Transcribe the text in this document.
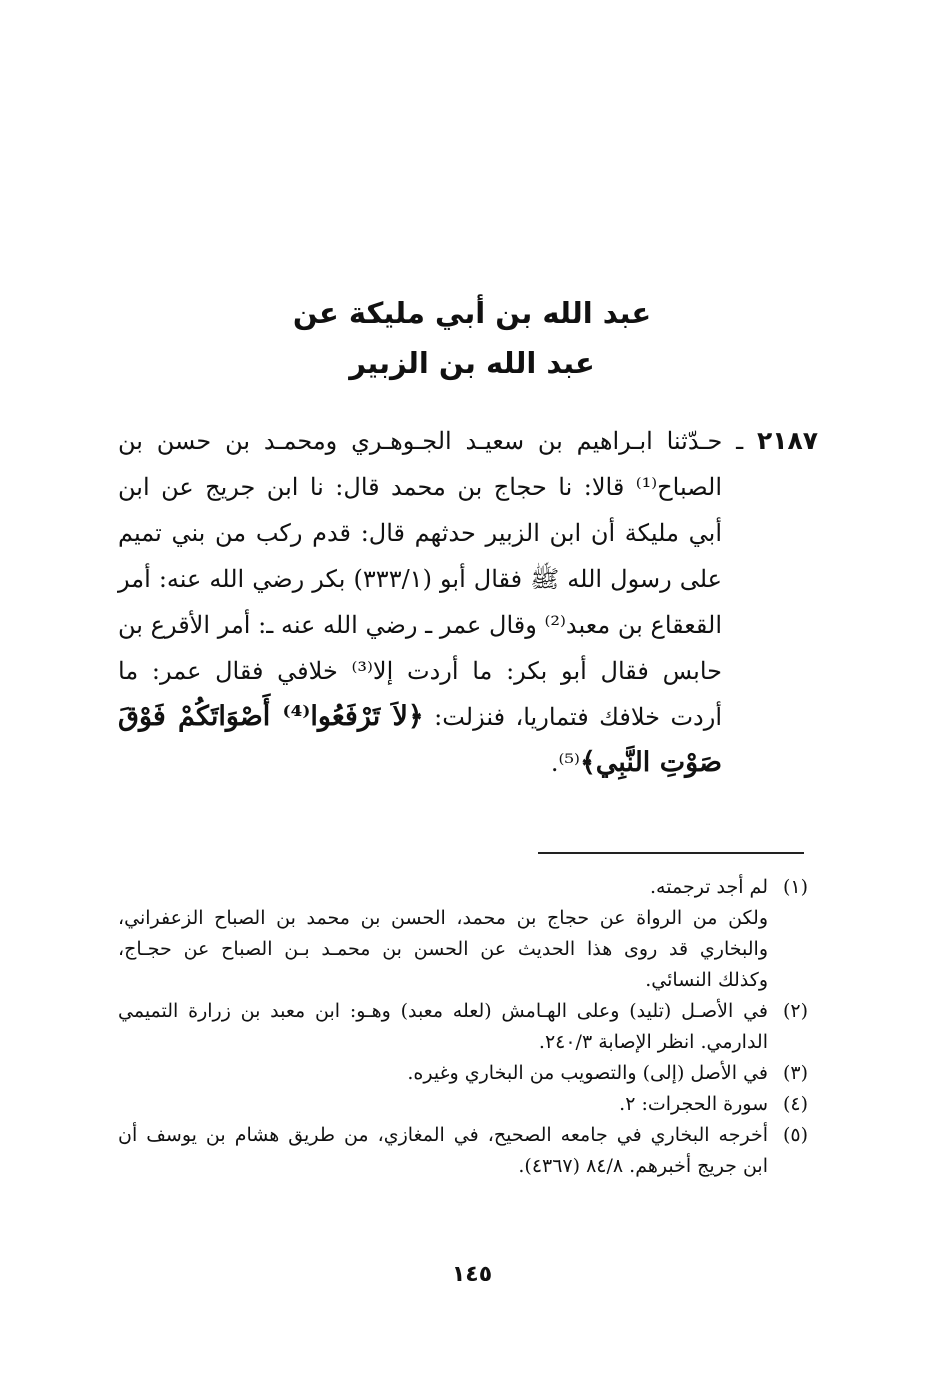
عبد الله بن أبي مليكة عن
عبد الله بن الزبير
٢١٨٧ ـ حـدّثنا ابـراهيم بن سعيـد الجـوهـري ومحمـد بن حسن بن
الصباح⁽¹⁾ قالا: نا حجاج بن محمد قال: نا ابن جريج عن ابن
أبي مليكة أن ابن الزبير حدثهم قال: قدم ركب من بني تميم
على رسول الله ﷺ فقال أبو (٣٣٣/١) بكر رضي الله عنه: أمر
القعقاع بن معبد⁽²⁾ وقال عمر ـ رضي الله عنه ـ: أمر الأقرع بن
حابس فقال أبو بكر: ما أردت إلا⁽³⁾ خلافي فقال عمر: ما
أردت خلافك فتماريا، فنزلت: ﴿لاَ تَرْفَعُوا⁽⁴⁾ أَصْوَاتَكُمْ فَوْقَ
صَوْتِ النَّبِي﴾⁽⁵⁾.
(١)
لم أجد ترجمته.
ولكن من الرواة عن حجاج بن محمد، الحسن بن محمد بن الصباح الزعفراني،
والبخاري قد روى هذا الحديث عن الحسن بن محمـد بـن الصباح عن حجـاج،
وكذلك النسائي.
(٢)
في الأصـل (تليد) وعلى الهـامش (لعله معبد) وهـو: ابن معبد بن زرارة التميمي
الدارمي. انظر الإصابة ٢٤٠/٣.
(٣)
في الأصل (إلى) والتصويب من البخاري وغيره.
(٤)
سورة الحجرات: ٢.
(٥)
أخرجه البخاري في جامعه الصحيح، في المغازي، من طريق هشام بن يوسف أن
ابن جريج أخبرهم. ٨٤/٨ (٤٣٦٧).
١٤٥
